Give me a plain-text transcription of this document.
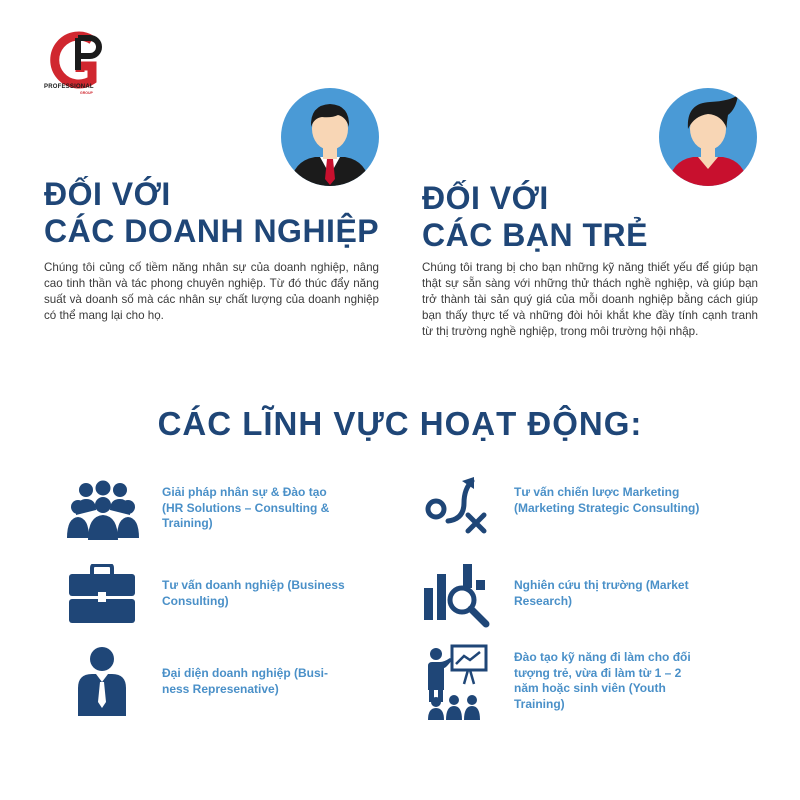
PROFESSIONAL
GROUP
ĐỐI VỚI
CÁC DOANH NGHIỆP
Chúng tôi củng cố tiềm năng nhân sự của doanh nghiệp, nâng cao tinh thần và tác phong chuyên nghiệp. Từ đó thúc đẩy năng suất và doanh số mà các nhân sự chất lượng của doanh nghiệp có thể mang lại cho họ.
ĐỐI VỚI
CÁC BẠN TRẺ
Chúng tôi trang bị cho bạn những kỹ năng thiết yếu để giúp bạn thật sự sẵn sàng với những thử thách nghề nghiệp, và giúp bạn trở thành tài sản quý giá của mỗi doanh nghiệp bằng cách giúp bạn thấy thực tế và những đòi hỏi khắt khe đầy tính cạnh tranh từ thị trường nghề nghiệp, trong môi trường hội nhập.
CÁC LĨNH VỰC HOẠT ĐỘNG:
Giải pháp nhân sự & Đào tạo
(HR Solutions – Consulting &
Training)
Tư vấn chiến lược Marketing
(Marketing Strategic Consulting)
Tư vấn doanh nghiệp (Business
Consulting)
Nghiên cứu thị trường (Market
Research)
Đại diện doanh nghiệp (Busi-
ness Represenative)
Đào tạo kỹ năng đi làm cho đối
tượng trẻ, vừa đi làm từ 1 – 2
năm hoặc sinh viên (Youth
Training)
